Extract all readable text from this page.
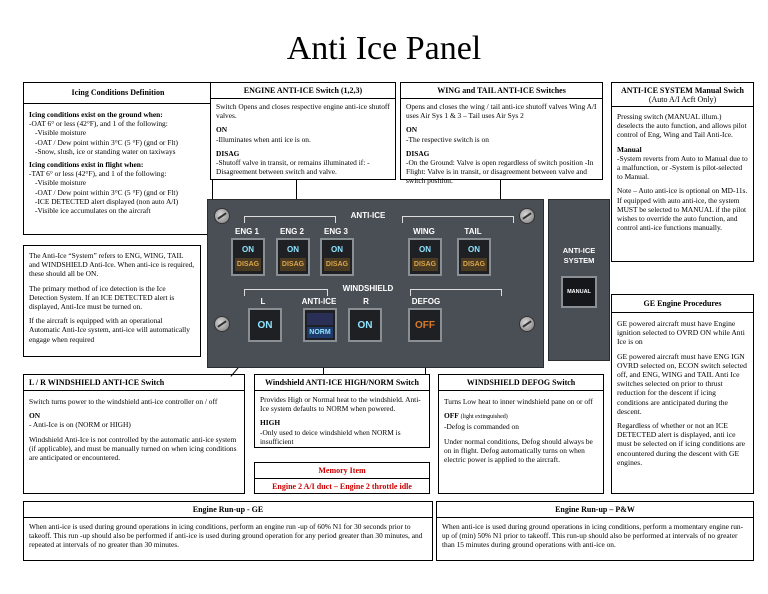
Anti Ice Panel
Icing Conditions Definition
Icing conditions exist on the ground when:
-OAT 6° or less (42°F), and 1 of the following:
-Visible moisture
-OAT / Dew point within 3°C (5 °F) (gnd or Flt)
-Snow, slush, ice or standing water on taxiways
Icing conditions exist in flight when:
-TAT 6° or less (42°F), and 1 of the following:
-Visible moisture
-OAT / Dew point within 3°C (5 °F) (gnd or Flt)
-ICE DETECTED alert displayed (non auto A/I)
-Visible ice accumulates on the aircraft

The Anti-Ice “System” refers to ENG, WING, TAIL and WINDSHIELD Anti-Ice. When anti-ice is required, these should all be ON.

The primary method of ice detection is the Ice Detection System. If an ICE DETECTED alert is displayed, Anti-Ice must be turned on.

If the aircraft is equipped with an operational Automatic Anti-Ice system, anti-ice will automatically engage when required

ENGINE ANTI-ICE Switch (1,2,3)

Switch Opens and closes respective engine anti-ice shutoff valves.

ON

-Illuminates when anti ice is on.

DISAG
-Shutoff valve in transit, or remains illuminated if: -Disagreement between switch and valve.
WING and TAIL ANTI-ICE Switches

Opens and closes the wing / tail anti-ice shutoff valves Wing A/I uses Air Sys 1 & 3 – Tail uses Air Sys 2

ON

-The respective switch is on

DISAG
-On the Ground: Valve is open regardless of switch position -In Flight: Valve is in transit, or disagreement between valve and switch position.
ANTI-ICE SYSTEM Manual Swich
(Auto A/I Acft Only)

Pressing switch (MANUAL illum.) deselects the auto function, and allows pilot control of Eng, Wing and Tail Anti-Ice.

Manual

-System reverts from Auto to Manual due to a malfunction, or -System is pilot-selected to Manual.

Note – Auto anti-ice is optional on MD-11s. If equipped with auto anti-ice, the system MUST be selected to MANUAL if the pilot wishes to override the auto function, and control anti-ice functions manually.

GE Engine Procedures

GE powered aircraft must have Engine ignition selected to OVRD ON while Anti Ice is on

GE powered aircraft must have ENG IGN OVRD selected on, ECON switch selected off, and ENG, WING and TAIL Anti Ice switches selected on prior to thrust reduction for the descent if icing conditions are anticipated during the descent.

Regardless of whether or not an ICE DETECTED alert is displayed, anti ice must be selected on if icing conditions are encountered during the descent with GE engines.

L / R WINDSHIELD ANTI-ICE Switch

Switch turns power to the windshield anti-ice controller on / off

ON

- Anti-Ice is on (NORM or HIGH)

Windshield Anti-Ice is not controlled by the automatic anti-ice system (if applicable), and must be manually turned on when icing conditions are anticipated or encountered.

Windshield ANTI-ICE HIGH/NORM Switch

Provides High or Normal heat to the windshield. Anti-Ice system defaults to NORM when powered.

HIGH
-Only used to deice windshield when NORM is insufficient
Memory Item
Engine 2 A/I duct – Engine 2 throttle idle
WINDSHIELD DEFOG Switch

Turns Low heat to inner windshield pane on or off

OFF (light extinguished)

-Defog is commanded on

Under normal conditions, Defog should always be on in flight. Defog automatically turns on when electric power is applied to the aircraft.

Engine Run-up - GE
When anti-ice is used during ground operations in icing conditions, perform an engine run -up of 60% N1 for 30 seconds prior to takeoff. This run -up should also be performed if anti-ice is used during ground operation for any period greater than 30 minutes, and repeated at intervals of no greater than 30 minutes.
Engine Run-up – P&W
When anti-ice is used during ground operations in icing conditions, perform a momentary engine run-up of (min) 50% N1 prior to takeoff. This run-up should also be performed at intervals of no greater than 15 minutes during ground operations with anti-ice on.
ANTI-ICE
ENG 1	ENG 2	ENG 3	WING	TAIL
ON
DISAG
ON
DISAG
ON
DISAG
ON
DISAG
ON
DISAG
WINDSHIELD
L	ANTI-ICE	R	DEFOG
ON
NORM
ON	OFF
ANTI-ICE
SYSTEM
MANUAL
